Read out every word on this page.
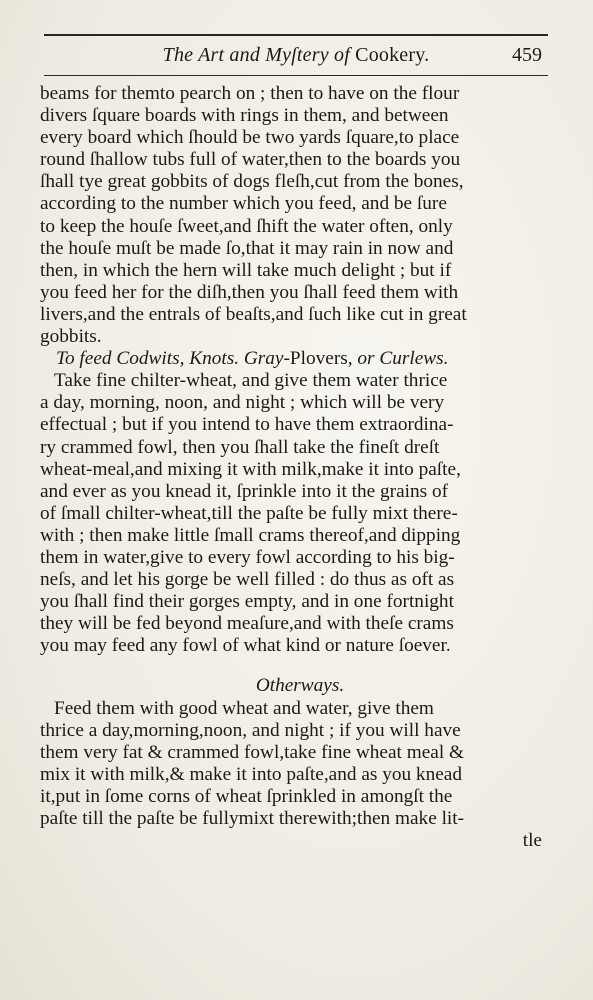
The Art and Myſtery of Cookery.	459
beams for themto pearch on ; then to have on the flour
divers ſquare boards with rings in them, and between
every board which ſhould be two yards ſquare,to place
round ſhallow tubs full of water,then to the boards you
ſhall tye great gobbits of dogs fleſh,cut from the bones,
according to the number which you feed, and be ſure
to keep the houſe ſweet,and ſhift the water often, only
the houſe muſt be made ſo,that it may rain in now and
then, in which the hern will take much delight ; but if
you feed her for the diſh,then you ſhall feed them with
livers,and the entrals of beaſts,and ſuch like cut in great
gobbits.
To feed Codwits, Knots. Gray-Plovers, or Curlews.
Take fine chilter-wheat, and give them water thrice
a day, morning, noon, and night ; which will be very
effectual ; but if you intend to have them extraordina-
ry crammed fowl, then you ſhall take the fineſt dreſt
wheat-meal,and mixing it with milk,make it into paſte,
and ever as you knead it, ſprinkle into it the grains of
of ſmall chilter-wheat,till the paſte be fully mixt there-
with ; then make little ſmall crams thereof,and dipping
them in water,give to every fowl according to his big-
neſs, and let his gorge be well filled : do thus as oft as
you ſhall find their gorges empty, and in one fortnight
they will be fed beyond meaſure,and with theſe crams
you may feed any fowl of what kind or nature ſoever.
Otherways.
Feed them with good wheat and water, give them
thrice a day,morning,noon, and night ; if you will have
them very fat & crammed fowl,take fine wheat meal &
mix it with milk,& make it into paſte,and as you knead
it,put in ſome corns of wheat ſprinkled in amongſt the
paſte till the paſte be fullymixt therewith;then make lit-
tle
